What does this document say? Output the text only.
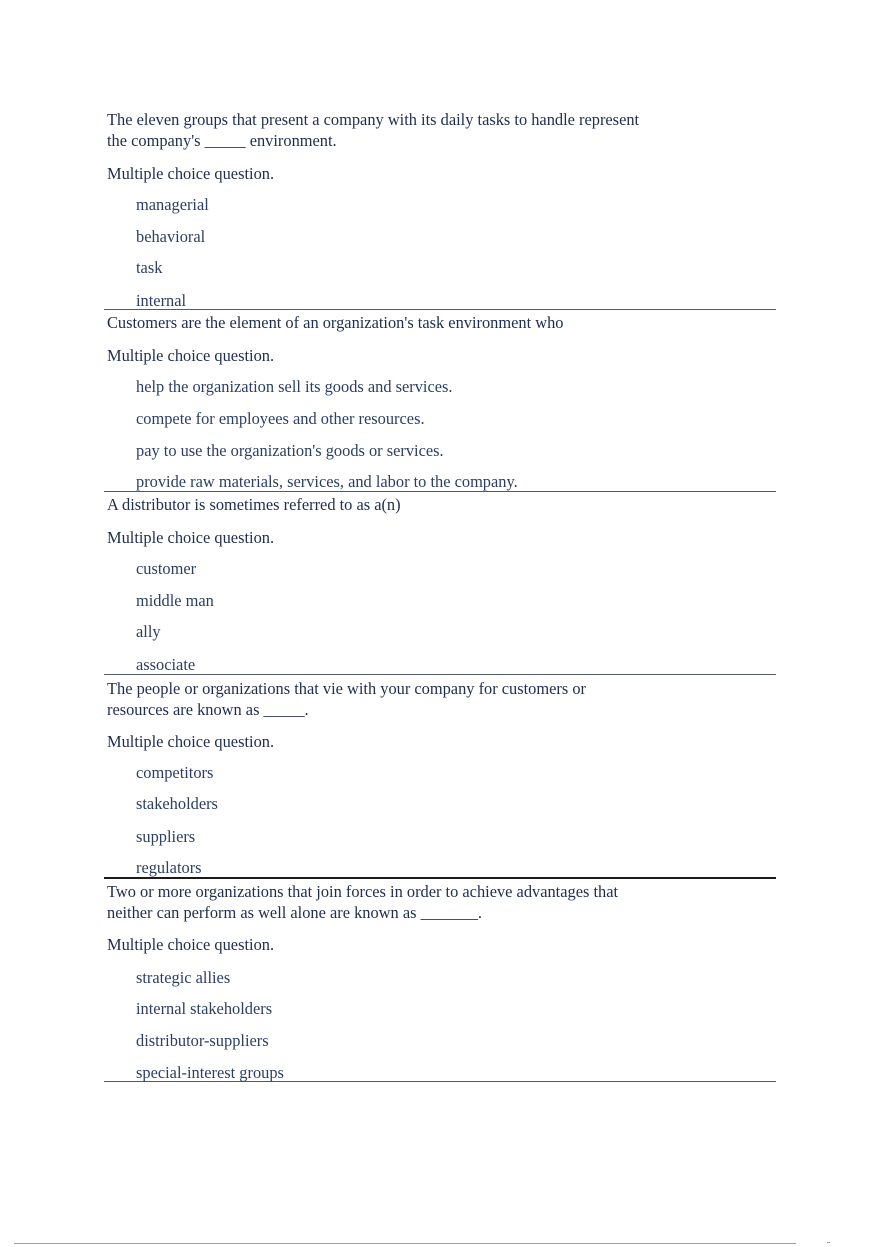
The eleven groups that present a company with its daily tasks to handle represent
the company's _____ environment.
Multiple choice question.
managerial
behavioral
task
internal
Customers are the element of an organization's task environment who
Multiple choice question.
help the organization sell its goods and services.
compete for employees and other resources.
pay to use the organization's goods or services.
provide raw materials, services, and labor to the company.
A distributor is sometimes referred to as a(n)
Multiple choice question.
customer
middle man
ally
associate
The people or organizations that vie with your company for customers or
resources are known as _____.
Multiple choice question.
competitors
stakeholders
suppliers
regulators
Two or more organizations that join forces in order to achieve advantages that
neither can perform as well alone are known as _______.
Multiple choice question.
strategic allies
internal stakeholders
distributor-suppliers
special-interest groups
